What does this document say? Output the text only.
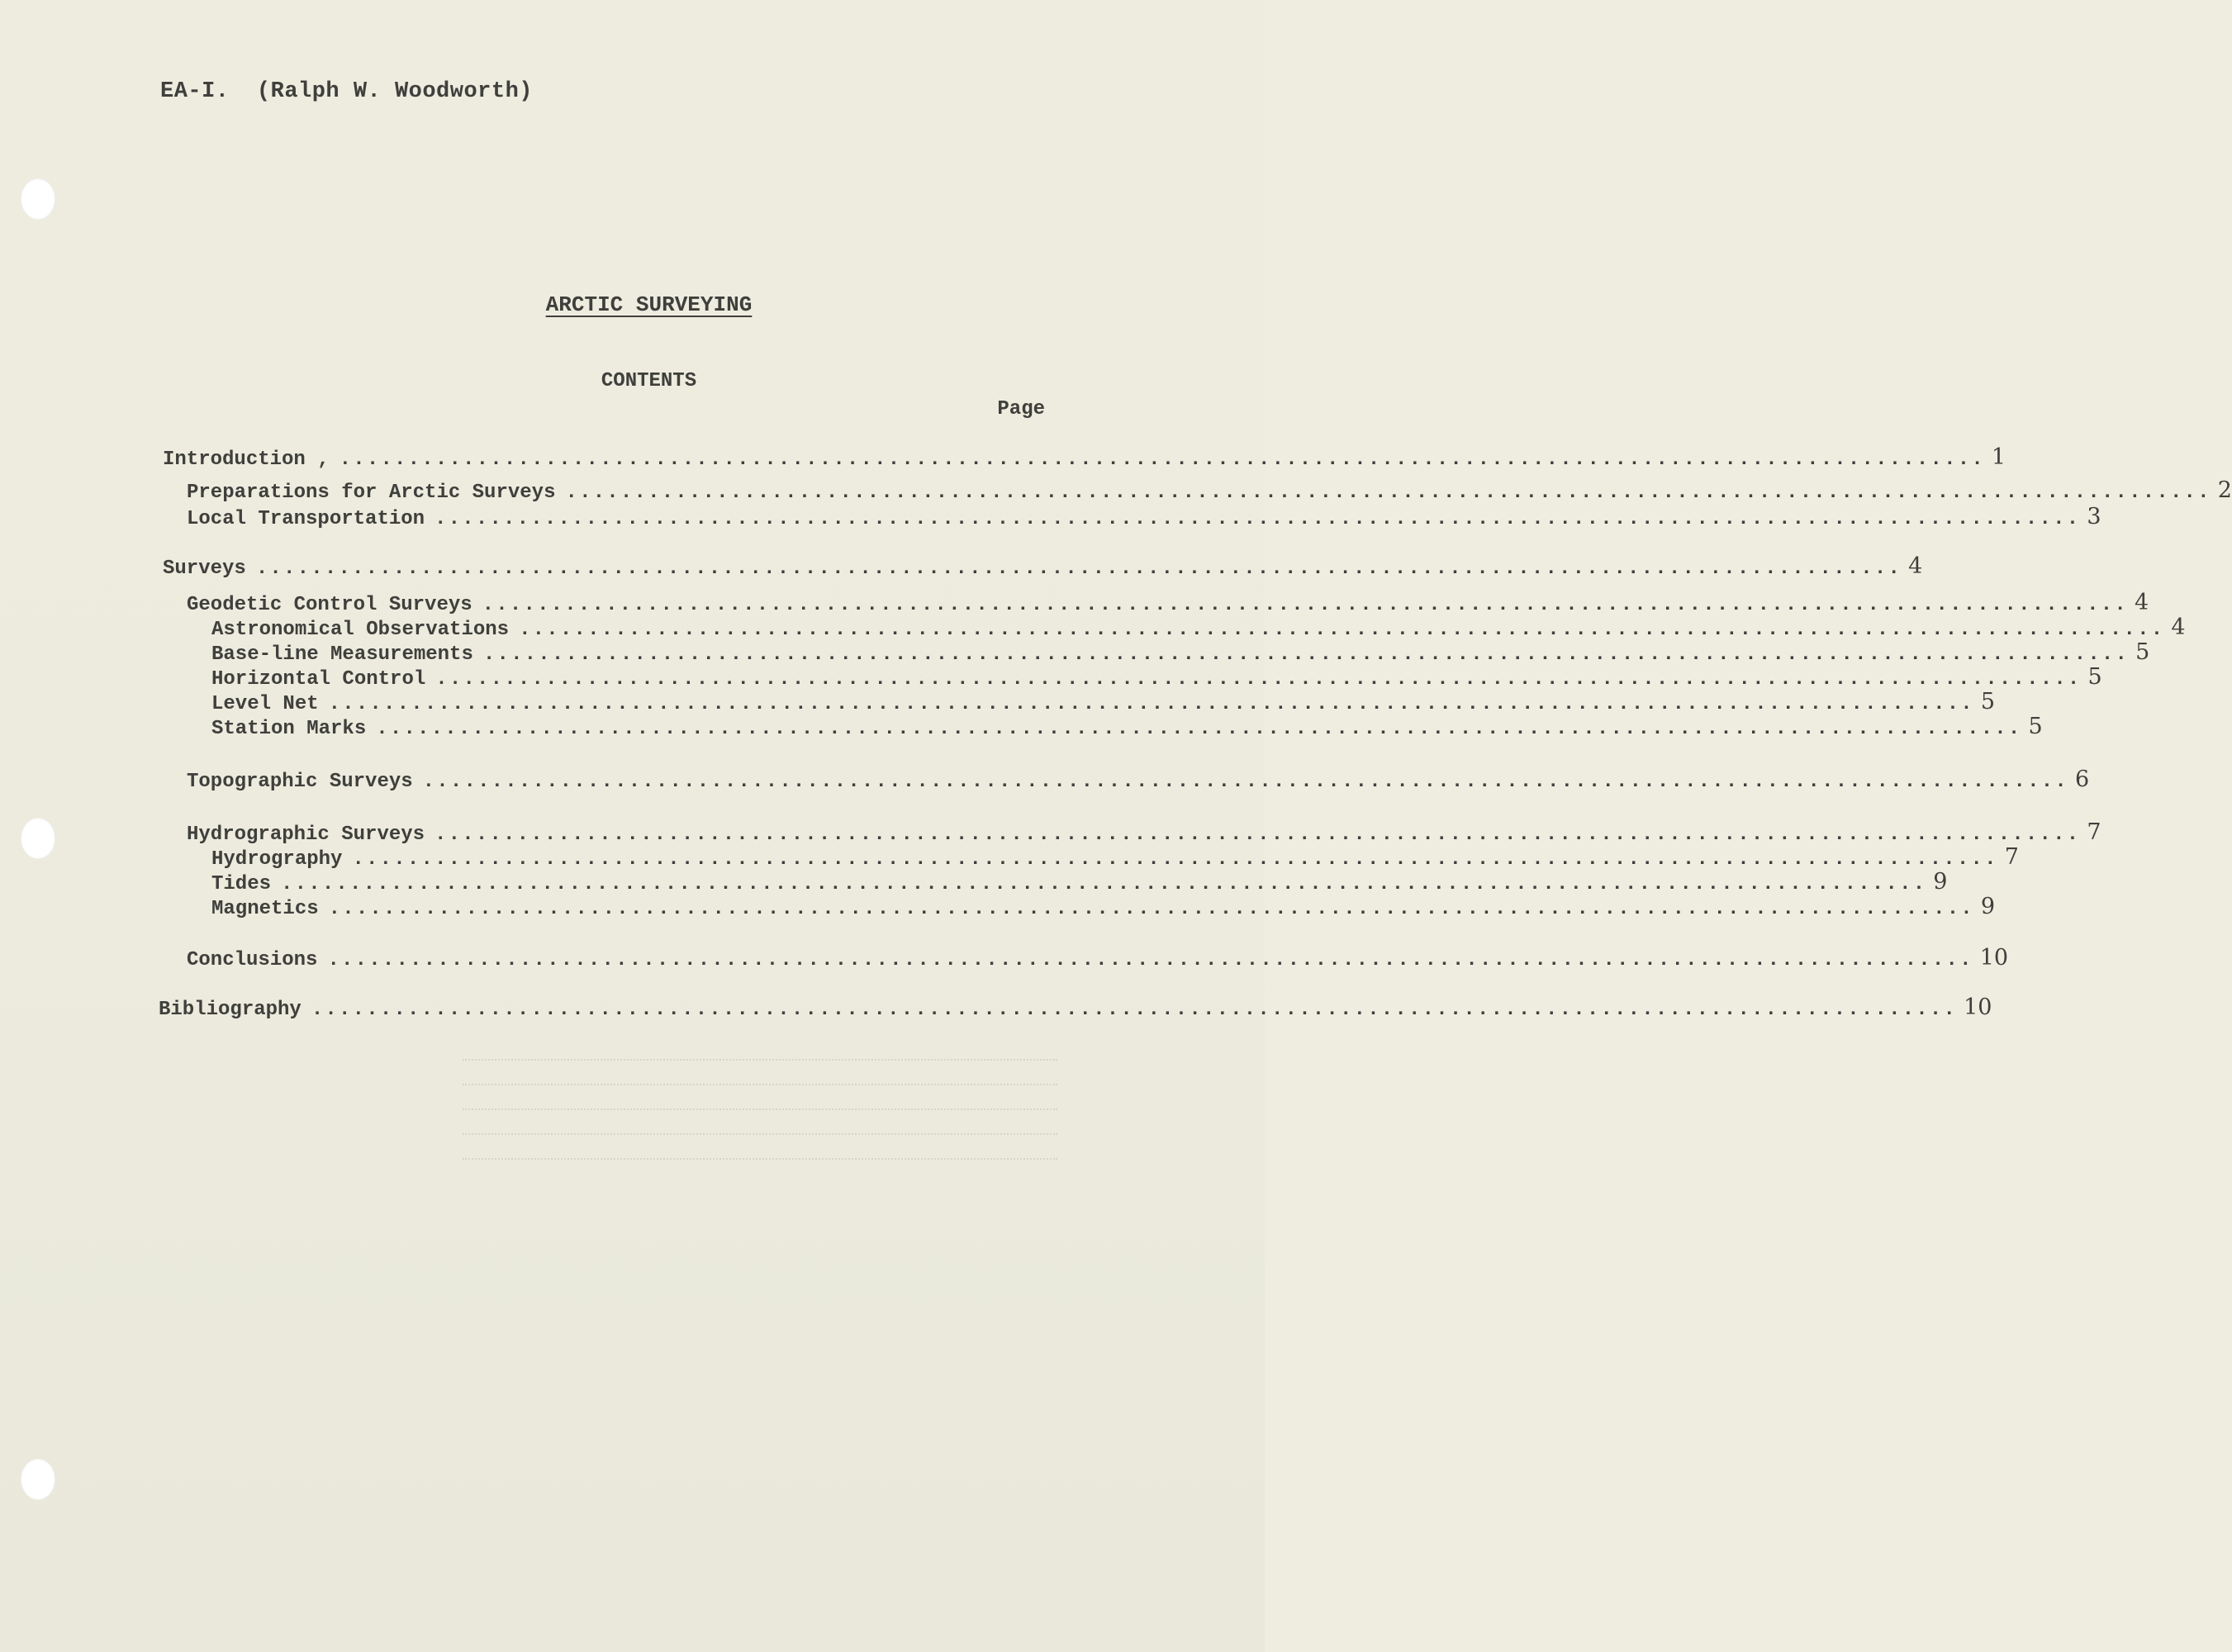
EA-I.  (Ralph W. Woodworth)
ARCTIC SURVEYING
CONTENTS
Page
Introduction , ........................................................................................................................ 1
Preparations for Arctic Surveys ........................................................................................................................ 2
Local Transportation ........................................................................................................................ 3
Surveys ........................................................................................................................ 4
Geodetic Control Surveys ........................................................................................................................ 4
Astronomical Observations ........................................................................................................................ 4
Base-line Measurements ........................................................................................................................ 5
Horizontal Control ........................................................................................................................ 5
Level Net ........................................................................................................................ 5
Station Marks ........................................................................................................................ 5
Topographic Surveys ........................................................................................................................ 6
Hydrographic Surveys ........................................................................................................................ 7
Hydrography ........................................................................................................................ 7
Tides ........................................................................................................................ 9
Magnetics ........................................................................................................................ 9
Conclusions ........................................................................................................................ 10
Bibliography ........................................................................................................................ 10
